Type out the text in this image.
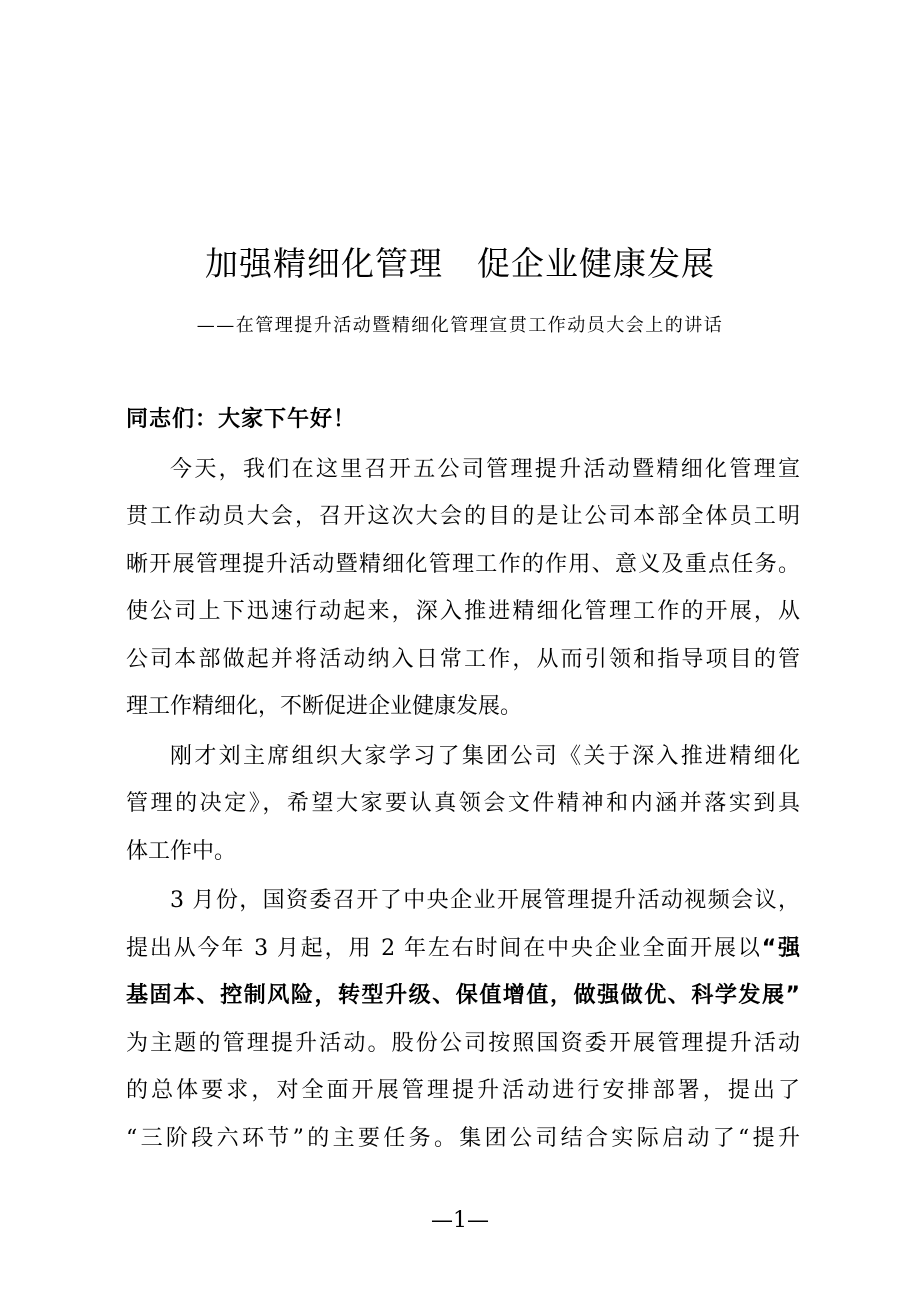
加强精细化管理　促企业健康发展
——在管理提升活动暨精细化管理宣贯工作动员大会上的讲话
同志们：大家下午好！
今天，我们在这里召开五公司管理提升活动暨精细化管理宣
贯工作动员大会，召开这次大会的目的是让公司本部全体员工明
晰开展管理提升活动暨精细化管理工作的作用、意义及重点任务。
使公司上下迅速行动起来，深入推进精细化管理工作的开展，从
公司本部做起并将活动纳入日常工作，从而引领和指导项目的管
理工作精细化，不断促进企业健康发展。
刚才刘主席组织大家学习了集团公司《关于深入推进精细化
管理的决定》，希望大家要认真领会文件精神和内涵并落实到具
体工作中。
3 月份，国资委召开了中央企业开展管理提升活动视频会议，
提出从今年 3 月起，用 2 年左右时间在中央企业全面开展以“强
基固本、控制风险，转型升级、保值增值，做强做优、科学发展”
为主题的管理提升活动。股份公司按照国资委开展管理提升活动
的总体要求，对全面开展管理提升活动进行安排部署，提出了
“三阶段六环节”的主要任务。集团公司结合实际启动了“提升
—1—
